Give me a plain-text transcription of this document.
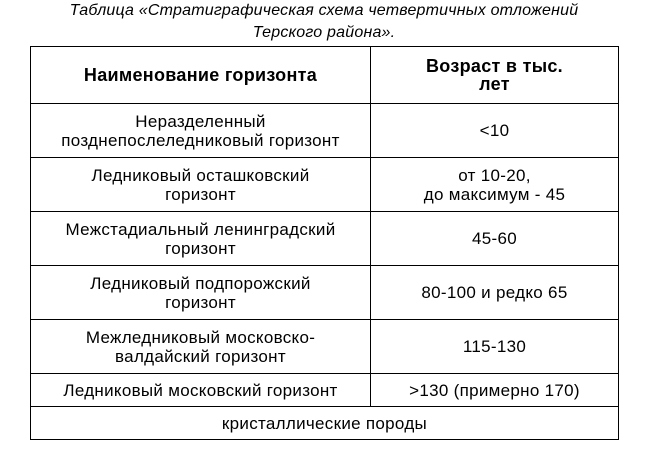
Таблица «Стратиграфическая схема четвертичных отложений
Терского района».
Наименование горизонта	Возраст в тыс.
лет

Неразделенный
позднепослеледниковый горизонт	<10

Ледниковый осташковский
горизонт	от 10-20,
до максимум - 45

Межстадиальный ленинградский
горизонт	45-60

Ледниковый подпорожский
горизонт	80-100 и редко 65

Межледниковый московско-
валдайский горизонт	115-130

Ледниковый московский горизонт	>130 (примерно 170)

кристаллические породы	
